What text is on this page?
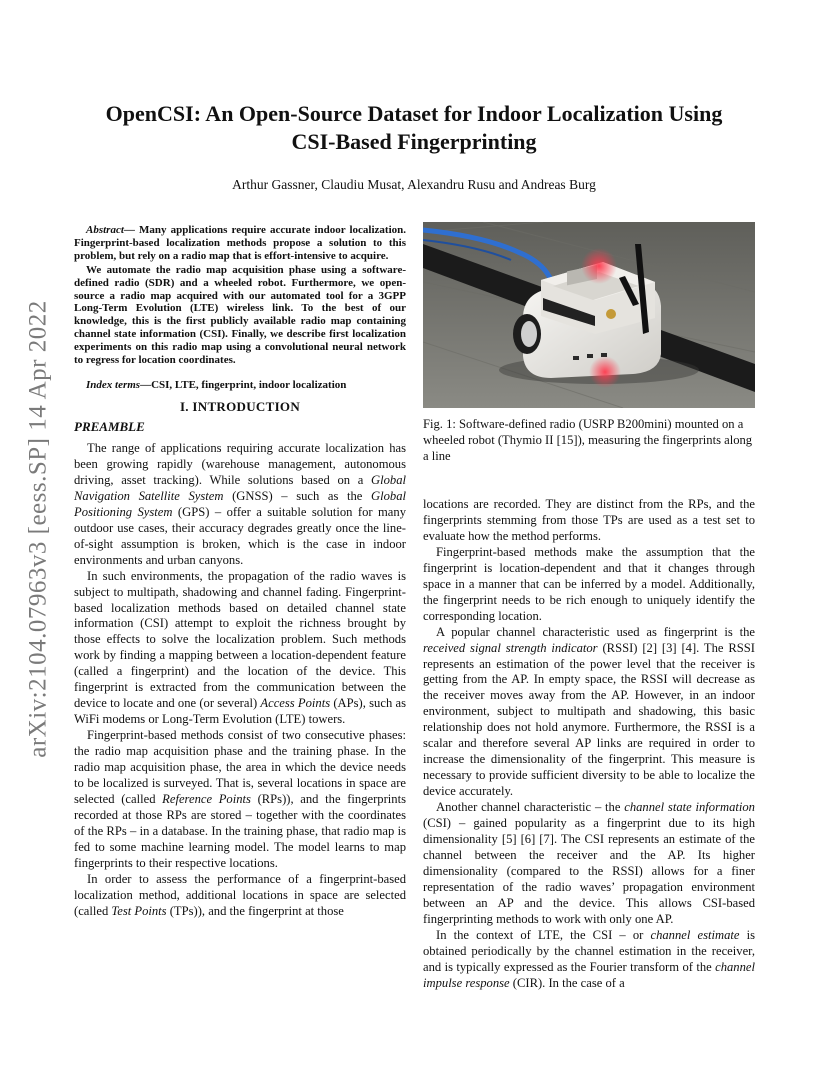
arXiv:2104.07963v3 [eess.SP] 14 Apr 2022
OpenCSI: An Open-Source Dataset for Indoor Localization Using
CSI-Based Fingerprinting

Arthur Gassner, Claudiu Musat, Alexandru Rusu and Andreas Burg

Abstract— Many applications require accurate indoor localization. Fingerprint-based localization methods propose a solution to this problem, but rely on a radio map that is effort-intensive to acquire.

We automate the radio map acquisition phase using a software-defined radio (SDR) and a wheeled robot. Furthermore, we open-source a radio map acquired with our automated tool for a 3GPP Long-Term Evolution (LTE) wireless link. To the best of our knowledge, this is the first publicly available radio map containing channel state information (CSI). Finally, we describe first localization experiments on this radio map using a convolutional neural network to regress for location coordinates.

Index terms—CSI, LTE, fingerprint, indoor localization

I. INTRODUCTION
PREAMBLE

The range of applications requiring accurate localization has been growing rapidly (warehouse management, autonomous driving, asset tracking). While solutions based on a Global Navigation Satellite System (GNSS) – such as the Global Positioning System (GPS) – offer a suitable solution for many outdoor use cases, their accuracy degrades greatly once the line-of-sight assumption is broken, which is the case in indoor environments and urban canyons.

In such environments, the propagation of the radio waves is subject to multipath, shadowing and channel fading. Fingerprint-based localization methods based on detailed channel state information (CSI) attempt to exploit the richness brought by those effects to solve the localization problem. Such methods work by finding a mapping between a location-dependent feature (called a fingerprint) and the location of the device. This fingerprint is extracted from the communication between the device to locate and one (or several) Access Points (APs), such as WiFi modems or Long-Term Evolution (LTE) towers.

Fingerprint-based methods consist of two consecutive phases: the radio map acquisition phase and the training phase. In the radio map acquisition phase, the area in which the device needs to be localized is surveyed. That is, several locations in space are selected (called Reference Points (RPs)), and the fingerprints recorded at those RPs are stored – together with the coordinates of the RPs – in a database. In the training phase, that radio map is fed to some machine learning model. The model learns to map fingerprints to their respective locations.

In order to assess the performance of a fingerprint-based localization method, additional locations in space are selected (called Test Points (TPs)), and the fingerprint at those

Fig. 1: Software-defined radio (USRP B200mini) mounted on a wheeled robot (Thymio II [15]), measuring the fingerprints along a line

locations are recorded. They are distinct from the RPs, and the fingerprints stemming from those TPs are used as a test set to evaluate how the method performs.

Fingerprint-based methods make the assumption that the fingerprint is location-dependent and that it changes through space in a manner that can be inferred by a model. Additionally, the fingerprint needs to be rich enough to uniquely identify the corresponding location.

A popular channel characteristic used as fingerprint is the received signal strength indicator (RSSI) [2] [3] [4]. The RSSI represents an estimation of the power level that the receiver is getting from the AP. In empty space, the RSSI will decrease as the receiver moves away from the AP. However, in an indoor environment, subject to multipath and shadowing, this basic relationship does not hold anymore. Furthermore, the RSSI is a scalar and therefore several AP links are required in order to increase the dimensionality of the fingerprint. This measure is necessary to provide sufficient diversity to be able to localize the device accurately.

Another channel characteristic – the channel state information (CSI) – gained popularity as a fingerprint due to its high dimensionality [5] [6] [7]. The CSI represents an estimate of the channel between the receiver and the AP. Its higher dimensionality (compared to the RSSI) allows for a finer representation of the radio waves’ propagation environment between an AP and the device. This allows CSI-based fingerprinting methods to work with only one AP.

In the context of LTE, the CSI – or channel estimate is obtained periodically by the channel estimation in the receiver, and is typically expressed as the Fourier transform of the channel impulse response (CIR). In the case of a
